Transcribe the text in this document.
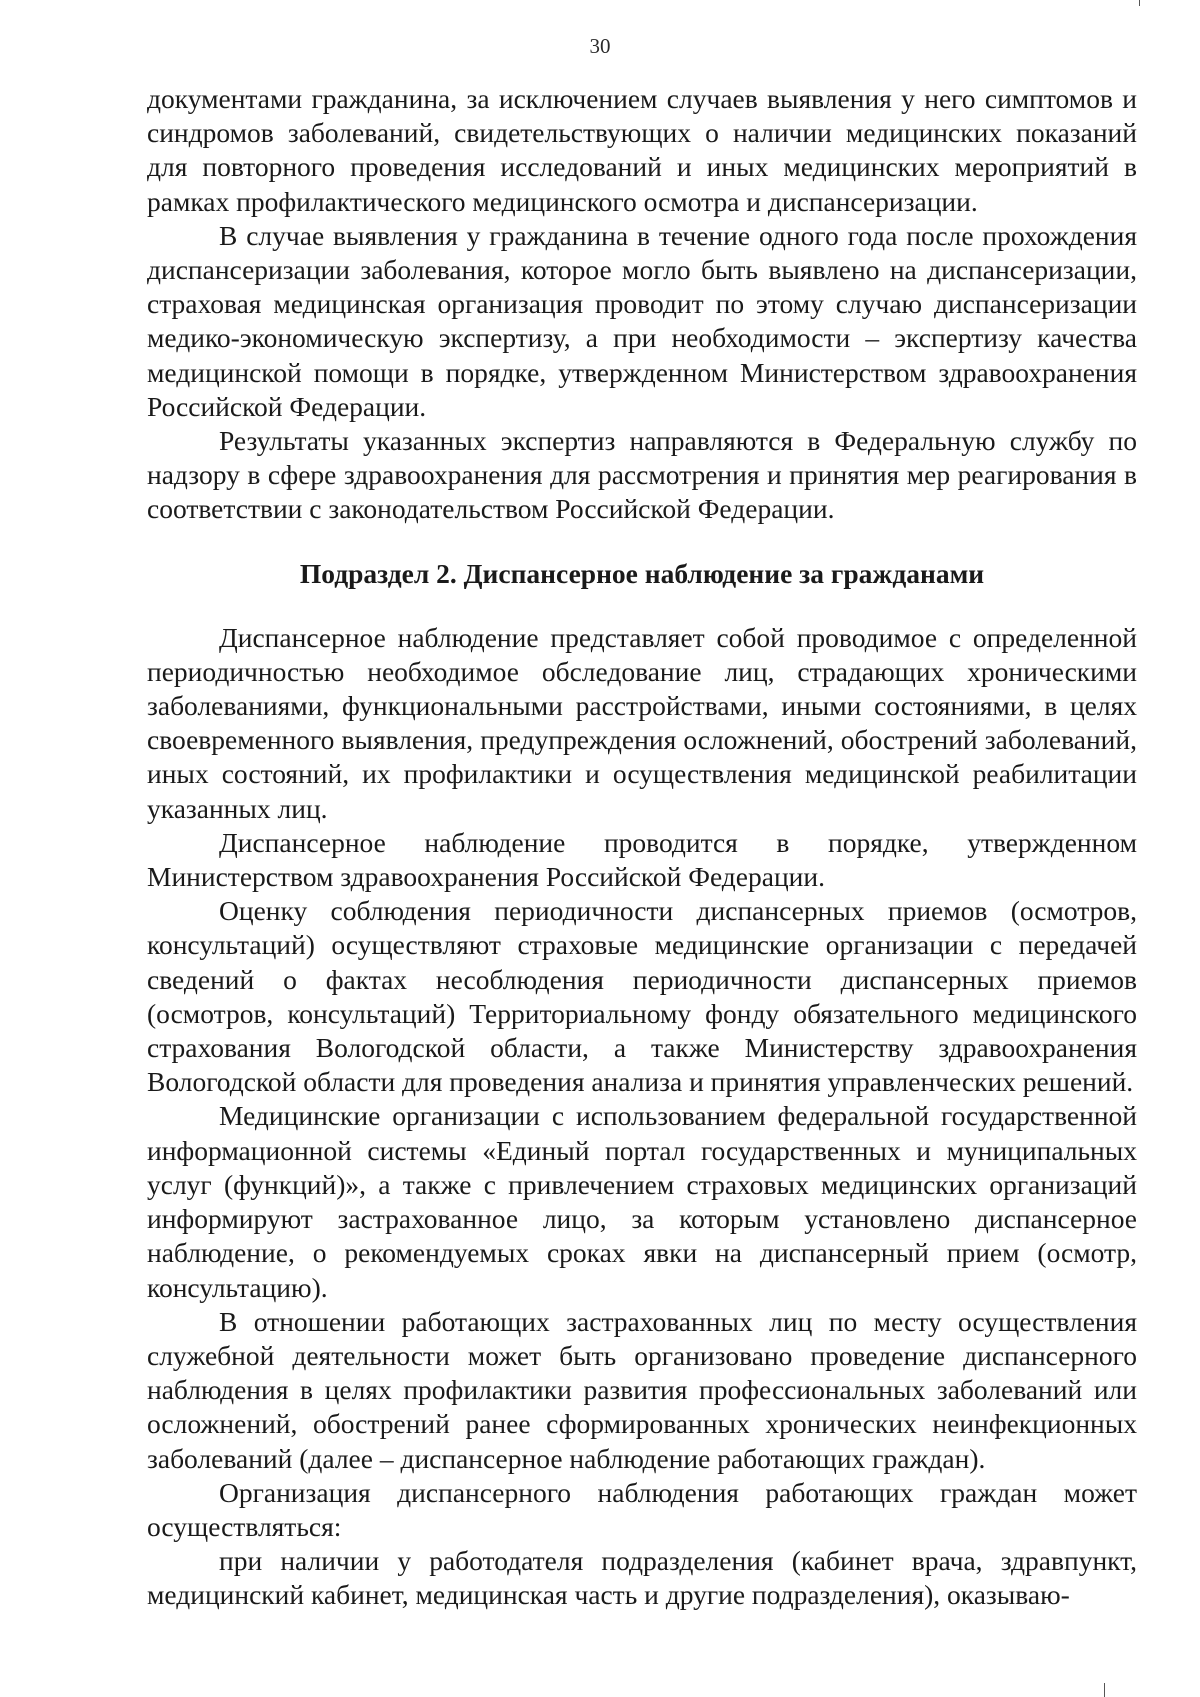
30

документами гражданина, за исключением случаев выявления у него симптомов и синдромов заболеваний, свидетельствующих о наличии медицинских показаний для повторного проведения исследований и иных медицинских мероприятий в рамках профилактического медицинского осмотра и диспансеризации.

В случае выявления у гражданина в течение одного года после прохождения диспансеризации заболевания, которое могло быть выявлено на диспансеризации, страховая медицинская организация проводит по этому случаю диспансеризации медико-экономическую экспертизу, а при необходимости – экспертизу качества медицинской помощи в порядке, утвержденном Министерством здравоохранения Российской Федерации.

Результаты указанных экспертиз направляются в Федеральную службу по надзору в сфере здравоохранения для рассмотрения и принятия мер реагирования в соответствии с законодательством Российской Федерации.

Подраздел 2. Диспансерное наблюдение за гражданами

Диспансерное наблюдение представляет собой проводимое с определенной периодичностью необходимое обследование лиц, страдающих хроническими заболеваниями, функциональными расстройствами, иными состояниями, в целях своевременного выявления, предупреждения осложнений, обострений заболеваний, иных состояний, их профилактики и осуществления медицинской реабилитации указанных лиц.

Диспансерное наблюдение проводится в порядке, утвержденном Министерством здравоохранения Российской Федерации.

Оценку соблюдения периодичности диспансерных приемов (осмотров, консультаций) осуществляют страховые медицинские организации с передачей сведений о фактах несоблюдения периодичности диспансерных приемов (осмотров, консультаций) Территориальному фонду обязательного медицинского страхования Вологодской области, а также Министерству здравоохранения Вологодской области для проведения анализа и принятия управленческих решений.

Медицинские организации с использованием федеральной государственной информационной системы «Единый портал государственных и муниципальных услуг (функций)», а также с привлечением страховых медицинских организаций информируют застрахованное лицо, за которым установлено диспансерное наблюдение, о рекомендуемых сроках явки на диспансерный прием (осмотр, консультацию).

В отношении работающих застрахованных лиц по месту осуществления служебной деятельности может быть организовано проведение диспансерного наблюдения в целях профилактики развития профессиональных заболеваний или осложнений, обострений ранее сформированных хронических неинфекционных заболеваний (далее – диспансерное наблюдение работающих граждан).

Организация диспансерного наблюдения работающих граждан может осуществляться:

при наличии у работодателя подразделения (кабинет врача, здравпункт, медицинский кабинет, медицинская часть и другие подразделения), оказываю-
